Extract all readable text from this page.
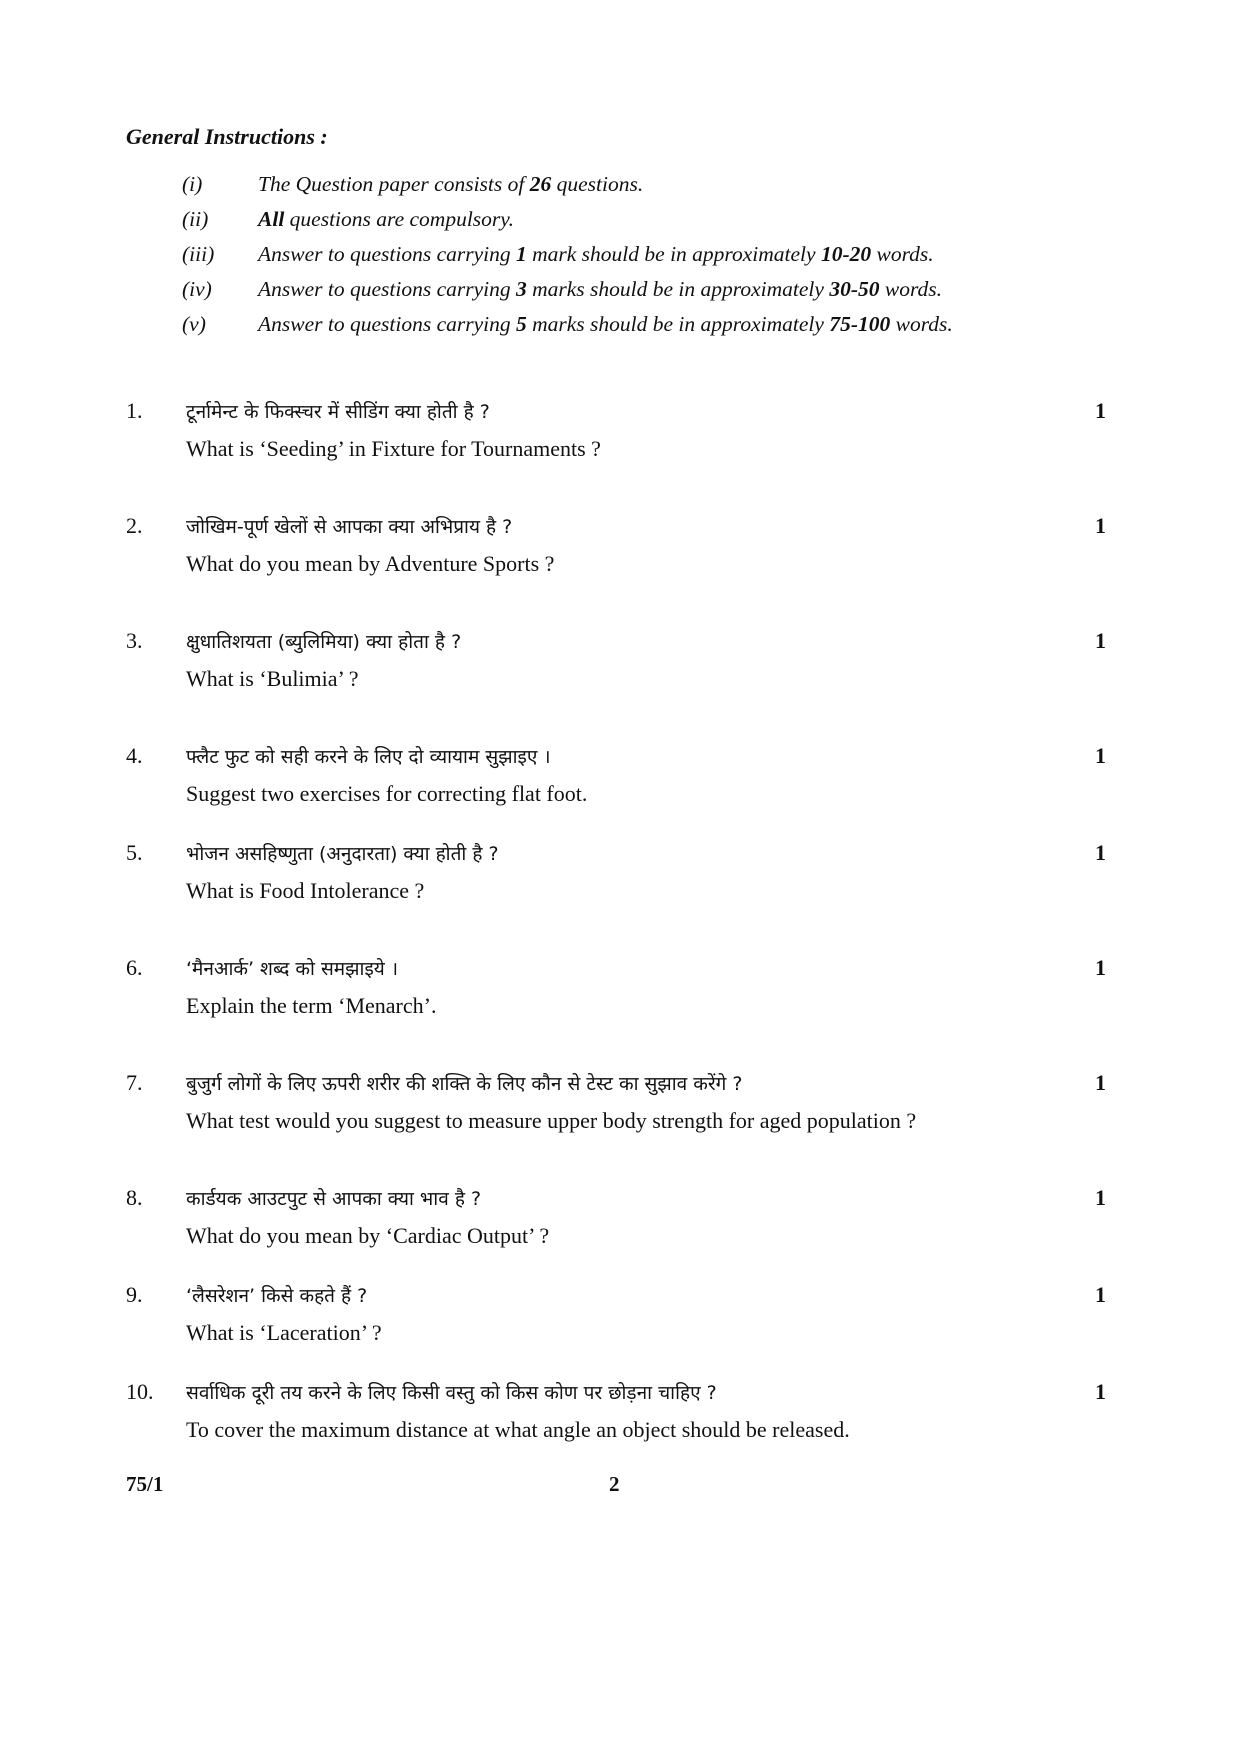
General Instructions :
(i)	The Question paper consists of 26 questions.
(ii)	All questions are compulsory.
(iii)	Answer to questions carrying 1 mark should be in approximately 10-20 words.
(iv)	Answer to questions carrying 3 marks should be in approximately 30-50 words.
(v)	Answer to questions carrying 5 marks should be in approximately 75-100 words.
1.	टूर्नामेन्ट के फिक्स्चर में सीडिंग क्या होती है ?	1
What is ‘Seeding’ in Fixture for Tournaments ?
2.	जोखिम-पूर्ण खेलों से आपका क्या अभिप्राय है ?	1
What do you mean by Adventure Sports ?
3.	क्षुधातिशयता (ब्युलिमिया) क्या होता है ?	1
What is ‘Bulimia’ ?
4.	फ्लैट फुट को सही करने के लिए दो व्यायाम सुझाइए ।	1
Suggest two exercises for correcting flat foot.
5.	भोजन असहिष्णुता (अनुदारता) क्या होती है ?	1
What is Food Intolerance ?
6.	‘मैनआर्क’ शब्द को समझाइये ।	1
Explain the term ‘Menarch’.
7.	बुजुर्ग लोगों के लिए ऊपरी शरीर की शक्ति के लिए कौन से टेस्ट का सुझाव करेंगे ?	1
What test would you suggest to measure upper body strength for aged population ?
8.	कार्डयक आउटपुट से आपका क्या भाव है ?	1
What do you mean by ‘Cardiac Output’ ?
9.	‘लैसरेशन’ किसे कहते हैं ?	1
What is ‘Laceration’ ?
10.	सर्वाधिक दूरी तय करने के लिए किसी वस्तु को किस कोण पर छोड़ना चाहिए ?	1
To cover the maximum distance at what angle an object should be released.
75/1	2
